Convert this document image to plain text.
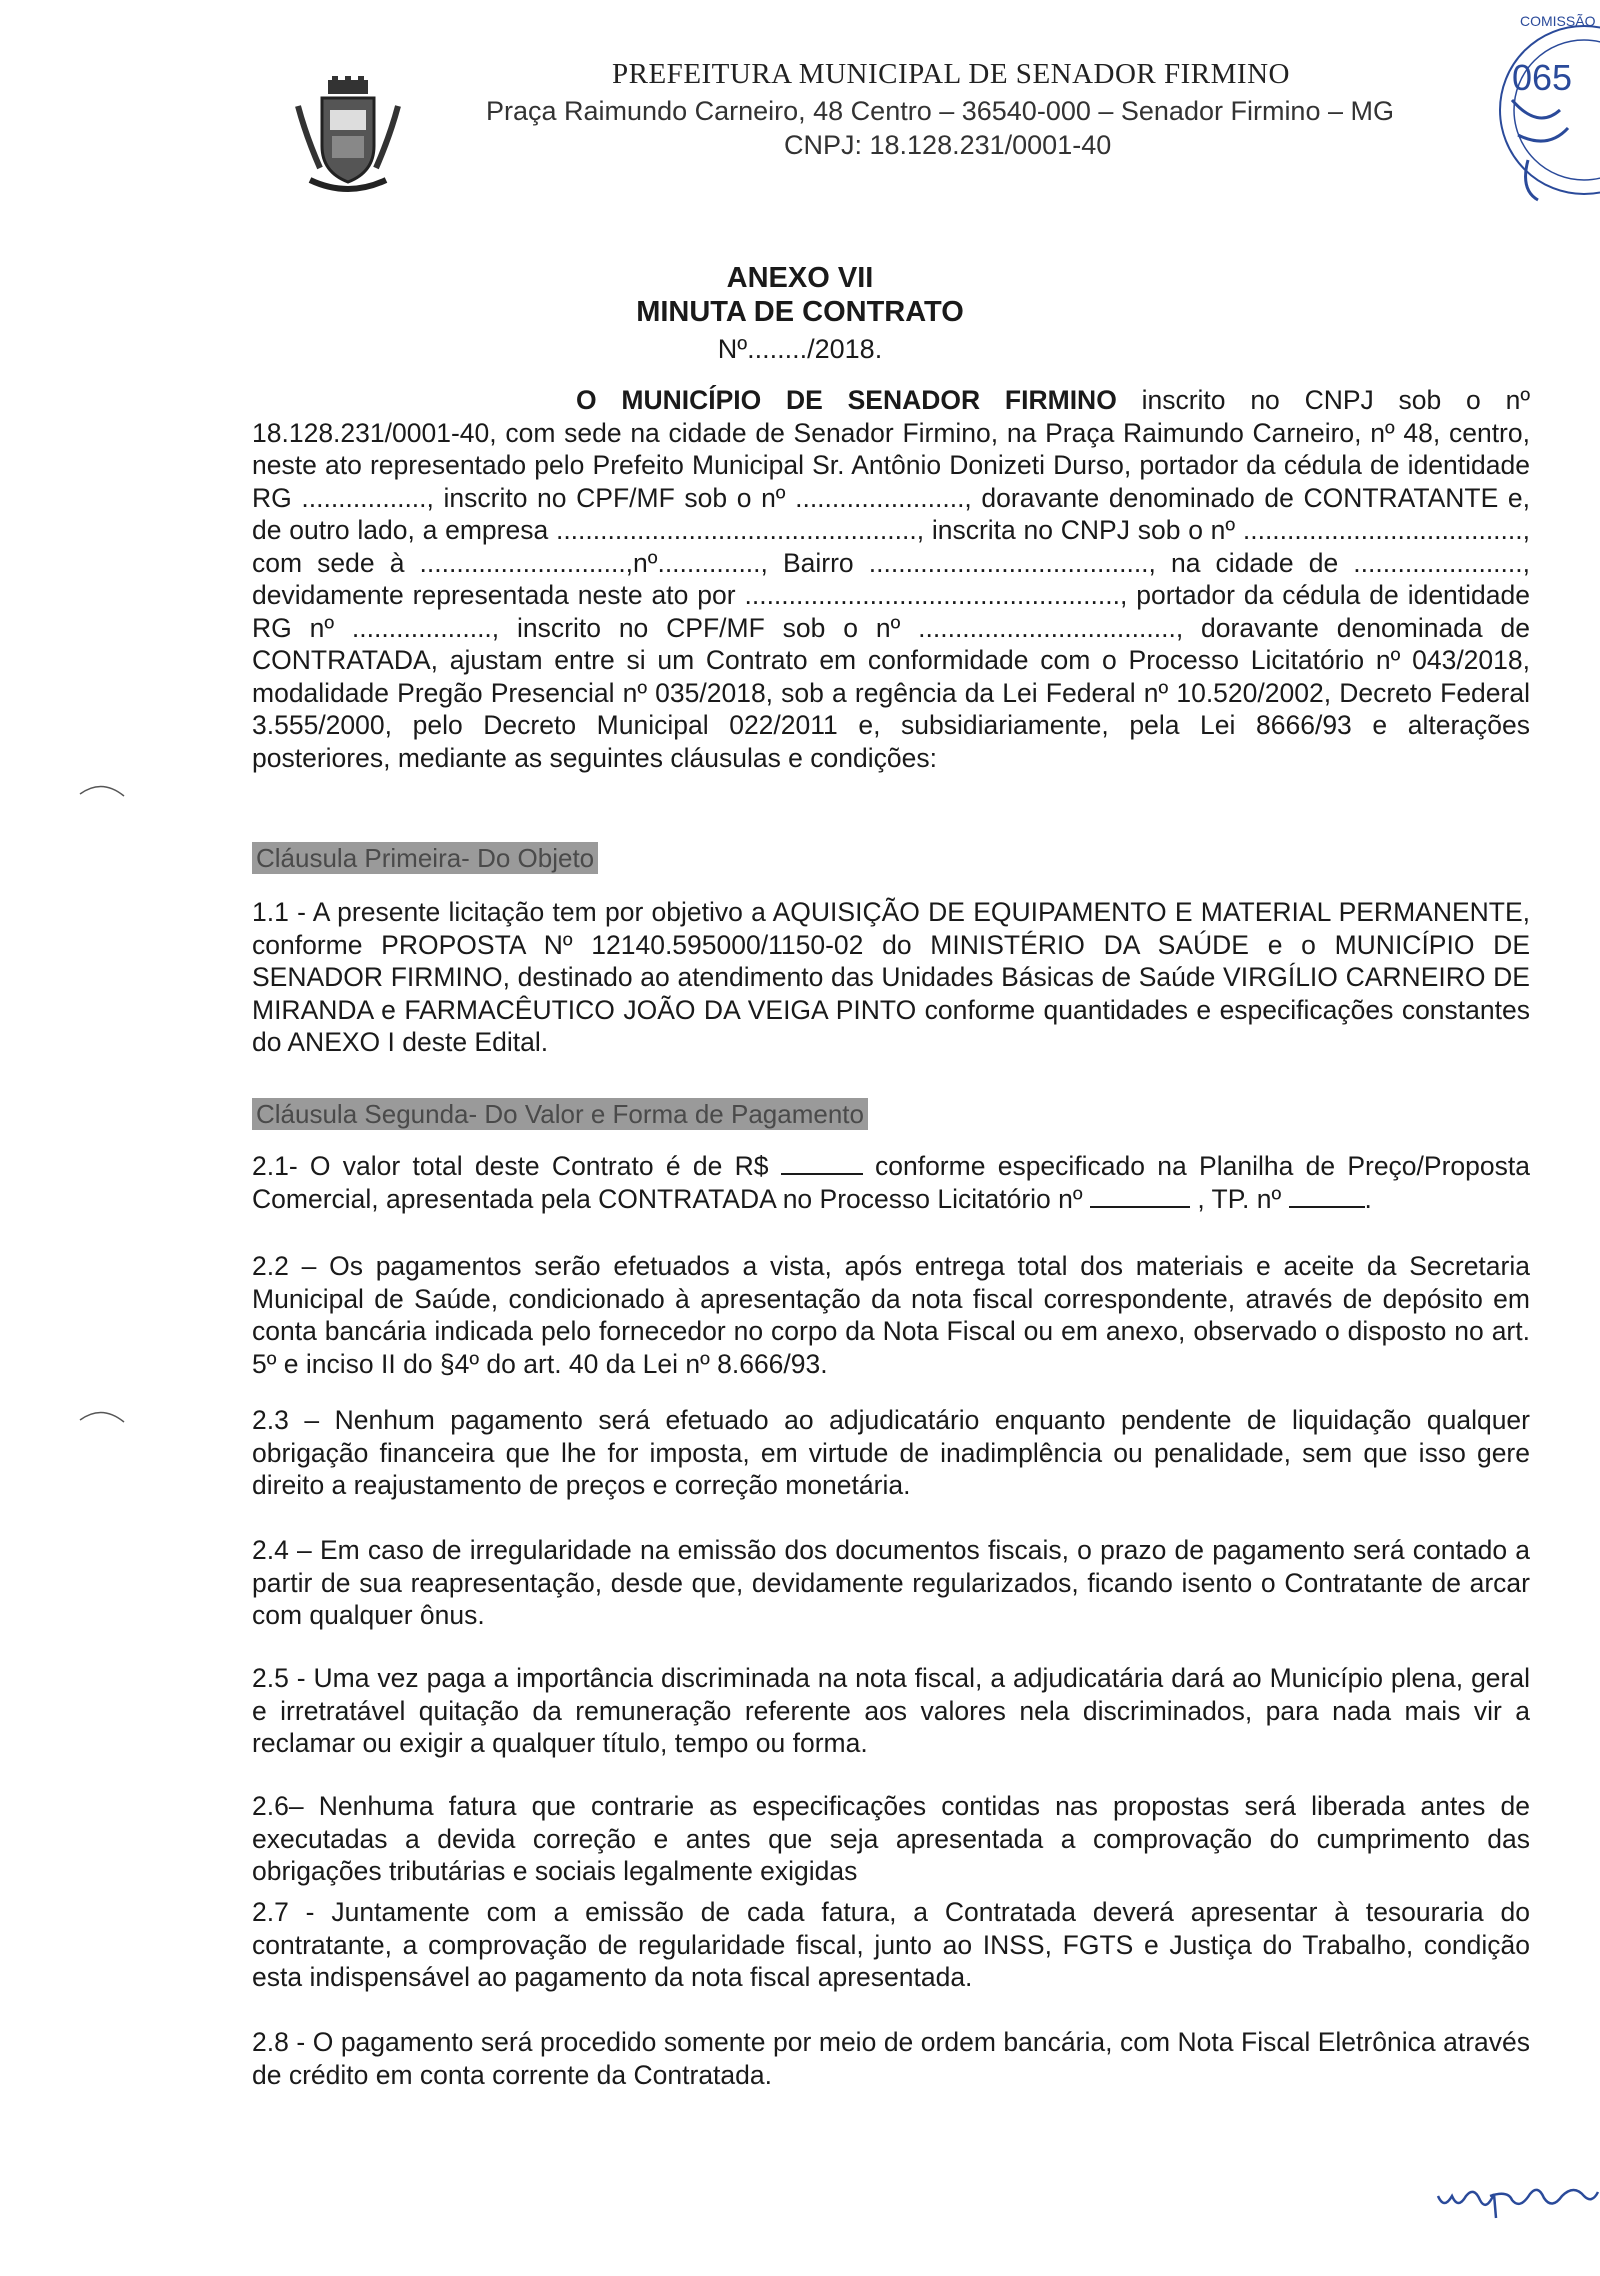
PREFEITURA MUNICIPAL DE SENADOR FIRMINO
Praça Raimundo Carneiro, 48 Centro – 36540-000 – Senador Firmino – MG
CNPJ: 18.128.231/0001-40
COMISSÃO
065
ANEXO VII
MINUTA DE CONTRATO
Nº......../2018.
O MUNICÍPIO DE SENADOR FIRMINO inscrito no CNPJ sob o nº 18.128.231/0001-40, com sede na cidade de Senador Firmino, na Praça Raimundo Carneiro, nº 48, centro, neste ato representado pelo Prefeito Municipal Sr. Antônio Donizeti Durso, portador da cédula de identidade RG ................., inscrito no CPF/MF sob o nº ......................., doravante denominado de CONTRATANTE e, de outro lado, a empresa ................................................., inscrita no CNPJ sob o nº ......................................, com sede à ............................,nº.............., Bairro ......................................, na cidade de ......................., devidamente representada neste ato por ..................................................., portador da cédula de identidade RG nº ..................., inscrito no CPF/MF sob o nº ..................................., doravante denominada de CONTRATADA, ajustam entre si um Contrato em conformidade com o Processo Licitatório nº 043/2018, modalidade Pregão Presencial nº 035/2018, sob a regência da Lei Federal nº 10.520/2002, Decreto Federal 3.555/2000, pelo Decreto Municipal 022/2011 e, subsidiariamente, pela Lei 8666/93 e alterações posteriores, mediante as seguintes cláusulas e condições:
Cláusula Primeira- Do Objeto
1.1 - A presente licitação tem por objetivo a AQUISIÇÃO DE EQUIPAMENTO E MATERIAL PERMANENTE, conforme PROPOSTA Nº 12140.595000/1150-02 do MINISTÉRIO DA SAÚDE e o MUNICÍPIO DE SENADOR FIRMINO, destinado ao atendimento das Unidades Básicas de Saúde VIRGÍLIO CARNEIRO DE MIRANDA e FARMACÊUTICO JOÃO DA VEIGA PINTO conforme quantidades e especificações constantes do ANEXO I deste Edital.
Cláusula Segunda- Do Valor e Forma de Pagamento
2.1- O valor total deste Contrato é de R$	conforme especificado na Planilha de Preço/Proposta Comercial, apresentada pela CONTRATADA no Processo Licitatório nº	, TP. nº	.
2.2 – Os pagamentos serão efetuados a vista, após entrega total dos materiais e aceite da Secretaria Municipal de Saúde, condicionado à apresentação da nota fiscal correspondente, através de depósito em conta bancária indicada pelo fornecedor no corpo da Nota Fiscal ou em anexo, observado o disposto no art. 5º e inciso II do §4º do art. 40 da Lei nº 8.666/93.
2.3 – Nenhum pagamento será efetuado ao adjudicatário enquanto pendente de liquidação qualquer obrigação financeira que lhe for imposta, em virtude de inadimplência ou penalidade, sem que isso gere direito a reajustamento de preços e correção monetária.
2.4 – Em caso de irregularidade na emissão dos documentos fiscais, o prazo de pagamento será contado a partir de sua reapresentação, desde que, devidamente regularizados, ficando isento o Contratante de arcar com qualquer ônus.
2.5 - Uma vez paga a importância discriminada na nota fiscal, a adjudicatária dará ao Município plena, geral e irretratável quitação da remuneração referente aos valores nela discriminados, para nada mais vir a reclamar ou exigir a qualquer título, tempo ou forma.
2.6– Nenhuma fatura que contrarie as especificações contidas nas propostas será liberada antes de executadas a devida correção e antes que seja apresentada a comprovação do cumprimento das obrigações tributárias e sociais legalmente exigidas
2.7 - Juntamente com a emissão de cada fatura, a Contratada deverá apresentar à tesouraria do contratante, a comprovação de regularidade fiscal, junto ao INSS, FGTS e Justiça do Trabalho, condição esta indispensável ao pagamento da nota fiscal apresentada.
2.8 - O pagamento será procedido somente por meio de ordem bancária, com Nota Fiscal Eletrônica através de crédito em conta corrente da Contratada.
